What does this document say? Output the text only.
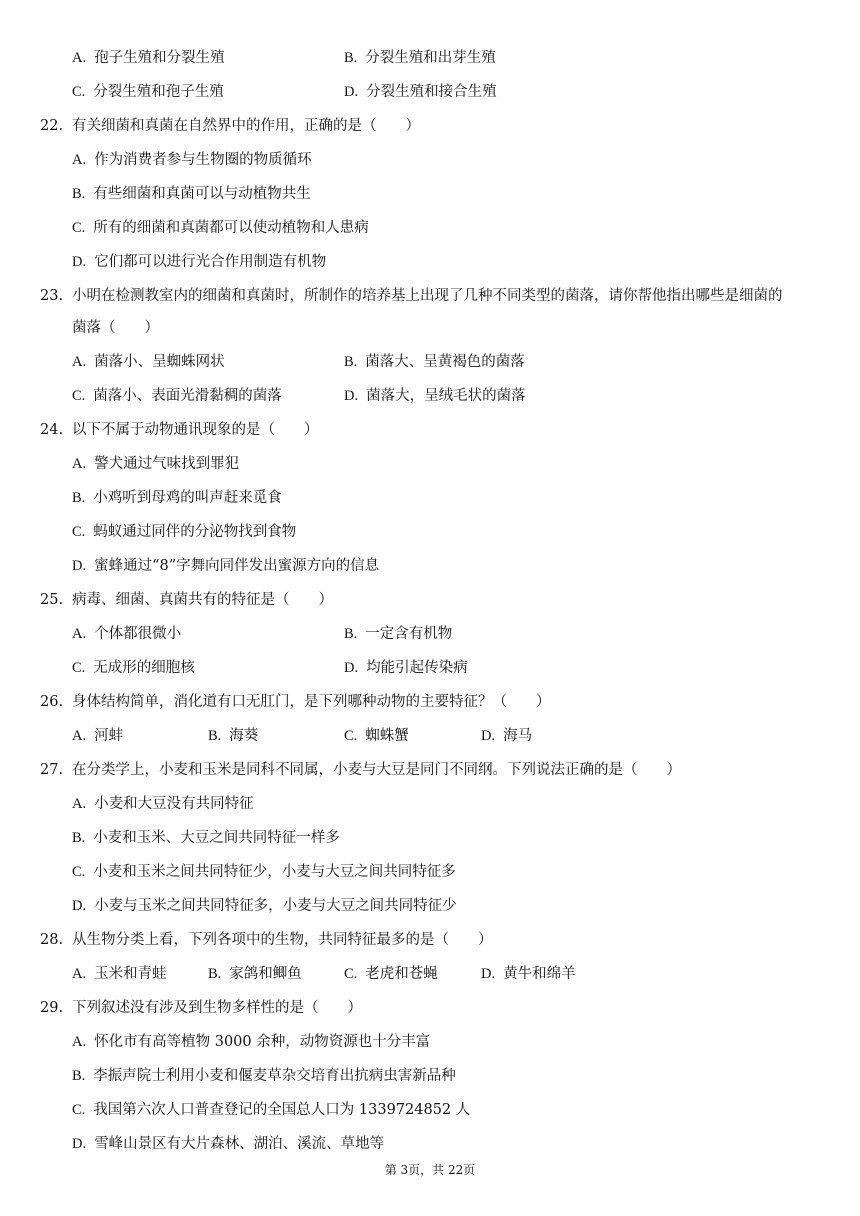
A. 孢子生殖和分裂生殖	B. 分裂生殖和出芽生殖
C. 分裂生殖和孢子生殖	D. 分裂生殖和接合生殖
22. 有关细菌和真菌在自然界中的作用，正确的是（　　）
A. 作为消费者参与生物圈的物质循环
B. 有些细菌和真菌可以与动植物共生
C. 所有的细菌和真菌都可以使动植物和人患病
D. 它们都可以进行光合作用制造有机物
23. 小明在检测教室内的细菌和真菌时，所制作的培养基上出现了几种不同类型的菌落，请你帮他指出哪些是细菌的
菌落（　　）
A. 菌落小、呈蜘蛛网状	B. 菌落大、呈黄褐色的菌落
C. 菌落小、表面光滑黏稠的菌落	D. 菌落大，呈绒毛状的菌落
24. 以下不属于动物通讯现象的是（　　）
A. 警犬通过气味找到罪犯
B. 小鸡听到母鸡的叫声赶来觅食
C. 蚂蚁通过同伴的分泌物找到食物
D. 蜜蜂通过“8”字舞向同伴发出蜜源方向的信息
25. 病毒、细菌、真菌共有的特征是（　　）
A. 个体都很微小	B. 一定含有机物
C. 无成形的细胞核	D. 均能引起传染病
26. 身体结构简单，消化道有口无肛门，是下列哪种动物的主要特征？（　　）
A. 河蚌	B. 海葵	C. 蜘蛛蟹	D. 海马
27. 在分类学上，小麦和玉米是同科不同属，小麦与大豆是同门不同纲。下列说法正确的是（　　）
A. 小麦和大豆没有共同特征
B. 小麦和玉米、大豆之间共同特征一样多
C. 小麦和玉米之间共同特征少，小麦与大豆之间共同特征多
D. 小麦与玉米之间共同特征多，小麦与大豆之间共同特征少
28. 从生物分类上看，下列各项中的生物，共同特征最多的是（　　）
A. 玉米和青蛙	B. 家鸽和鲫鱼	C. 老虎和苍蝇	D. 黄牛和绵羊
29. 下列叙述没有涉及到生物多样性的是（　　）
A. 怀化市有高等植物 3000 余种，动物资源也十分丰富
B. 李振声院士利用小麦和偃麦草杂交培育出抗病虫害新品种
C. 我国第六次人口普查登记的全国总人口为 1339724852 人
D. 雪峰山景区有大片森林、湖泊、溪流、草地等
第 3页，共 22页
